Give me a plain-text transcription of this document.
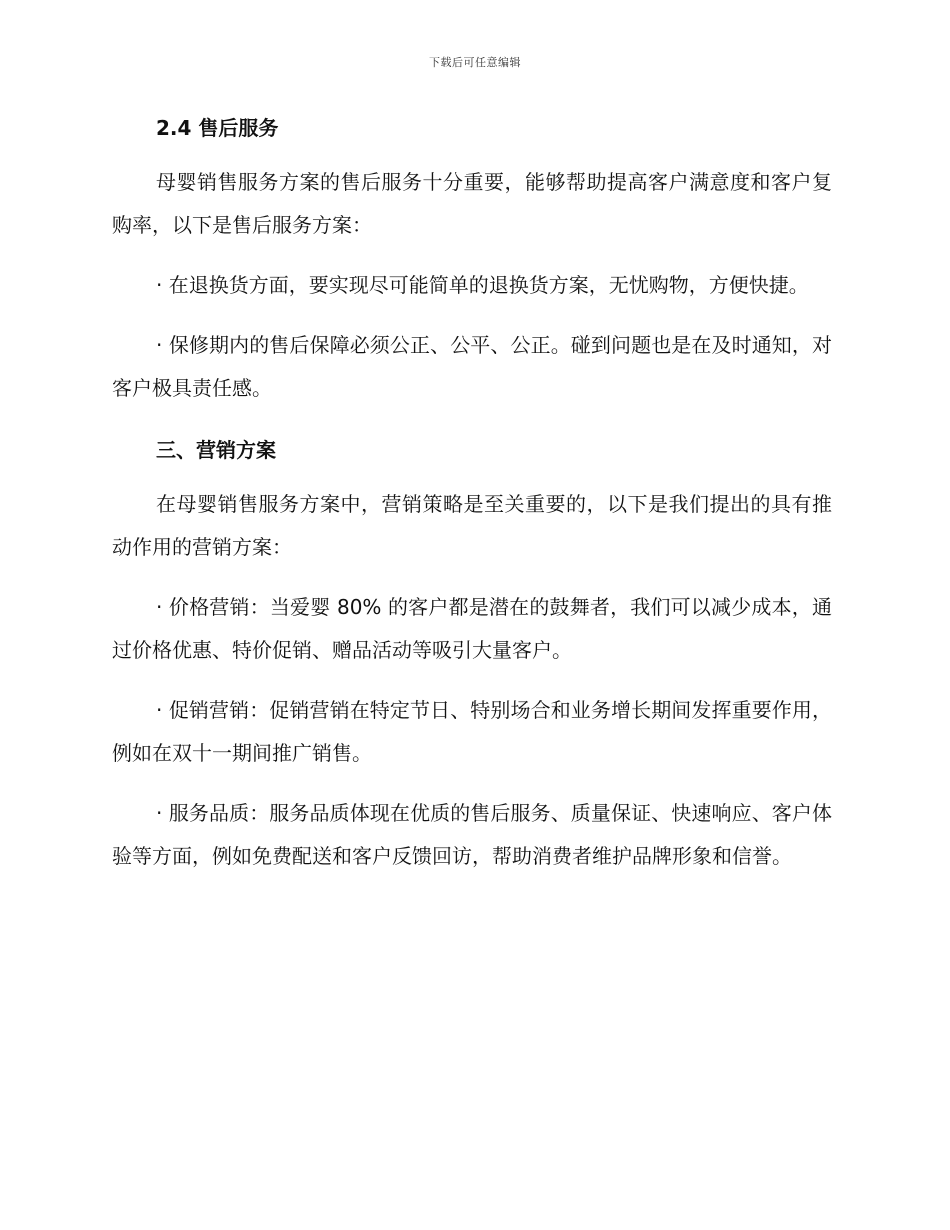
下载后可任意编辑
2.4 售后服务

母婴销售服务方案的售后服务十分重要，能够帮助提高客户满意度和客户复购率，以下是售后服务方案：

· 在退换货方面，要实现尽可能简单的退换货方案，无忧购物，方便快捷。

· 保修期内的售后保障必须公正、公平、公正。碰到问题也是在及时通知，对客户极具责任感。

三、营销方案

在母婴销售服务方案中，营销策略是至关重要的，以下是我们提出的具有推动作用的营销方案：

· 价格营销：当爱婴 80% 的客户都是潜在的鼓舞者，我们可以减少成本，通过价格优惠、特价促销、赠品活动等吸引大量客户。

· 促销营销：促销营销在特定节日、特别场合和业务增长期间发挥重要作用，例如在双十一期间推广销售。

· 服务品质：服务品质体现在优质的售后服务、质量保证、快速响应、客户体验等方面，例如免费配送和客户反馈回访，帮助消费者维护品牌形象和信誉。
